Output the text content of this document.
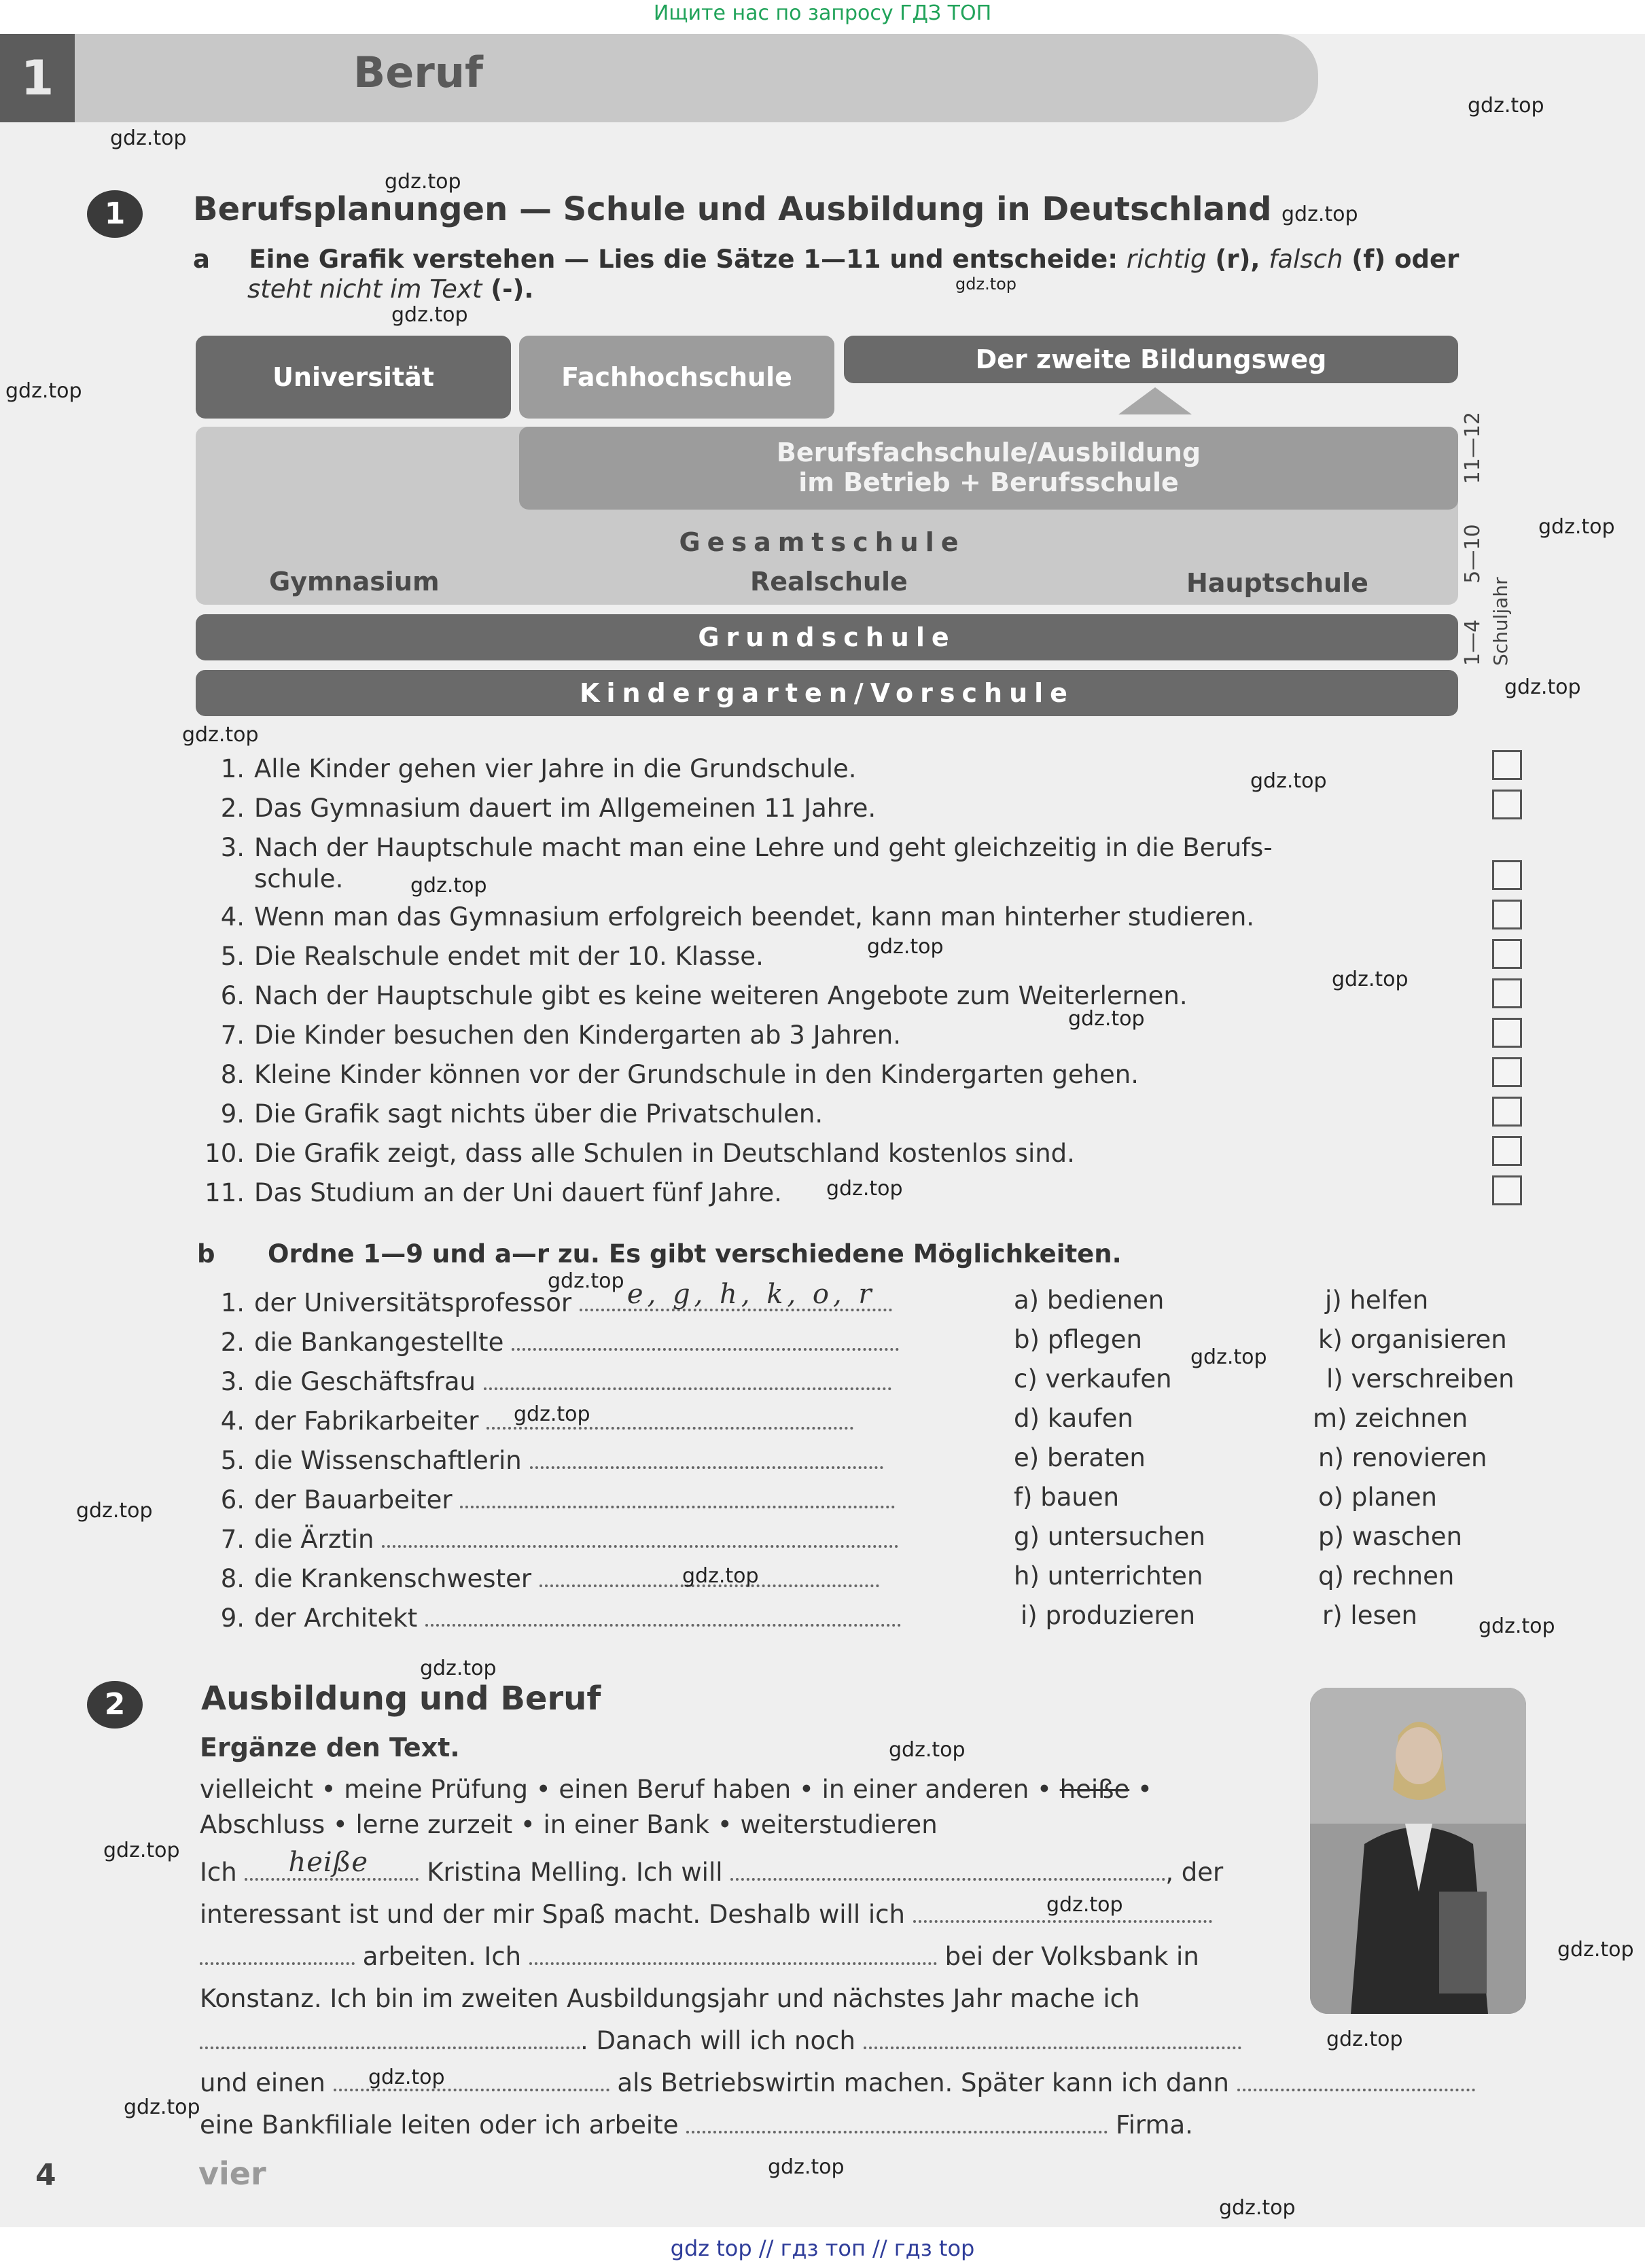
Ищите нас по запросу ГДЗ ТОП
1	Beruf
1	Berufsplanungen — Schule und Ausbildung in Deutschland
a Eine Grafik verstehen — Lies die Sätze 1—11 und entscheide: richtig (r), falsch (f) oder
steht nicht im Text (-).
Universität	Fachhochschule
Der zweite Bildungsweg
Berufsfachschule/Ausbildung
im Betrieb + Berufsschule
Gesamtschule
Gymnasium	Realschule	Hauptschule
Grundschule
Kindergarten/Vorschule
1—4  5—10  11—12
Schuljahr
1. Alle Kinder gehen vier Jahre in die Grundschule.
2. Das Gymnasium dauert im Allgemeinen 11 Jahre.
3. Nach der Hauptschule macht man eine Lehre und geht gleichzeitig in die Berufs-
schule.
4. Wenn man das Gymnasium erfolgreich beendet, kann man hinterher studieren.
5. Die Realschule endet mit der 10. Klasse.
6. Nach der Hauptschule gibt es keine weiteren Angebote zum Weiterlernen.
7. Die Kinder besuchen den Kindergarten ab 3 Jahren.
8. Kleine Kinder können vor der Grundschule in den Kindergarten gehen.
9. Die Grafik sagt nichts über die Privatschulen.
10. Die Grafik zeigt, dass alle Schulen in Deutschland kostenlos sind.
11. Das Studium an der Uni dauert fünf Jahre.
b Ordne 1—9 und a—r zu. Es gibt verschiedene Möglichkeiten.
1. der Universitätsprofessor e, g, h, k, o, r
2. die Bankangestellte
3. die Geschäftsfrau
4. der Fabrikarbeiter
5. die Wissenschaftlerin
6. der Bauarbeiter
7. die Ärztin
8. die Krankenschwester
9. der Architekt
a) bedienen
b) pflegen
c) verkaufen
d) kaufen
e) beraten
f) bauen
g) untersuchen
h) unterrichten
i) produzieren
j) helfen
k) organisieren
l) verschreiben
m) zeichnen
n) renovieren
o) planen
p) waschen
q) rechnen
r) lesen
2	Ausbildung und Beruf
Ergänze den Text.
vielleicht • meine Prüfung • einen Beruf haben • in einer anderen • heiße •
Abschluss • lerne zurzeit • in einer Bank • weiterstudieren
Ich heiße Kristina Melling. Ich will	, der
interessant ist und der mir Spaß macht. Deshalb will ich
arbeiten. Ich	bei der Volksbank in
Konstanz. Ich bin im zweiten Ausbildungsjahr und nächstes Jahr mache ich
. Danach will ich noch
und einen	als Betriebswirtin machen. Später kann ich dann
eine Bankfiliale leiten oder ich arbeite	Firma.
4	vier
gdz.top
gdz.top
gdz.top
gdz.top
gdz.top
gdz.top
gdz.top
gdz.top
gdz.top
gdz.top
gdz.top
gdz.top
gdz.top
gdz.top
gdz.top
gdz.top
gdz.top
gdz.top
gdz.top
gdz.top
gdz.top
gdz.top
gdz.top
gdz.top
gdz.top
gdz.top
gdz.top
gdz.top
gdz.top
gdz.top
gdz.top
gdz.top
gdz top // гдз топ // гдз top
